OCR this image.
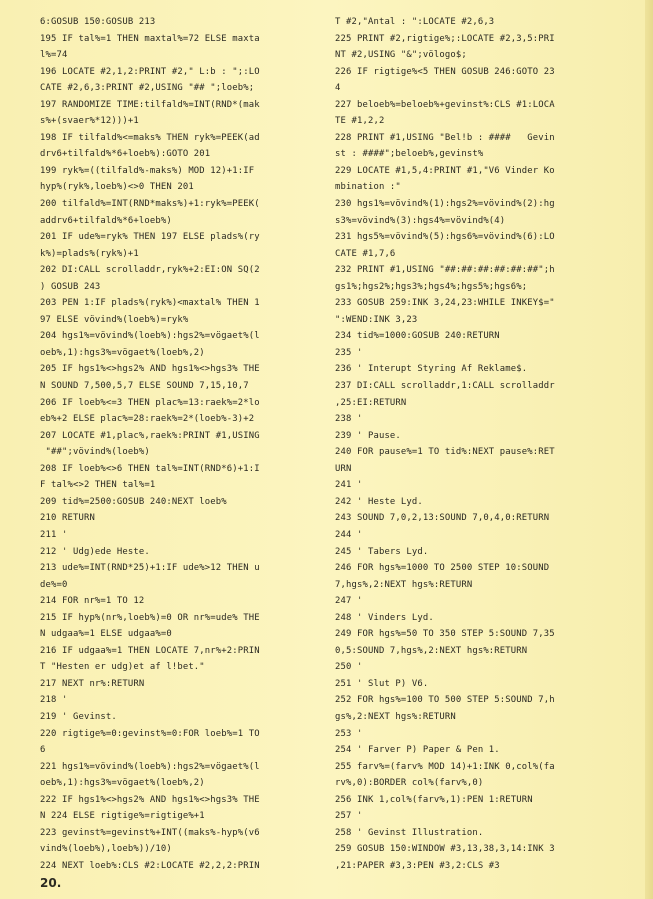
6:GOSUB 150:GOSUB 213
195 IF tal%=1 THEN maxtal%=72 ELSE maxta
l%=74
196 LOCATE #2,1,2:PRINT #2," L:b : ";:LO
CATE #2,6,3:PRINT #2,USING "## ";loeb%;
197 RANDOMIZE TIME:tilfald%=INT(RND*(mak
s%+(svaer%*12)))+1
198 IF tilfald%<=maks% THEN ryk%=PEEK(ad
drv6+tilfald%*6+loeb%):GOTO 201
199 ryk%=((tilfald%-maks%) MOD 12)+1:IF
hyp%(ryk%,loeb%)<>0 THEN 201
200 tilfald%=INT(RND*maks%)+1:ryk%=PEEK(
addrv6+tilfald%*6+loeb%)
201 IF ude%=ryk% THEN 197 ELSE plads%(ry
k%)=plads%(ryk%)+1
202 DI:CALL scrolladdr,ryk%+2:EI:ON SQ(2
) GOSUB 243
203 PEN 1:IF plads%(ryk%)<maxtal% THEN 1
97 ELSE vövind%(loeb%)=ryk%
204 hgs1%=vövind%(loeb%):hgs2%=vögaet%(l
oeb%,1):hgs3%=vögaet%(loeb%,2)
205 IF hgs1%<>hgs2% AND hgs1%<>hgs3% THE
N SOUND 7,500,5,7 ELSE SOUND 7,15,10,7
206 IF loeb%<=3 THEN plac%=13:raek%=2*lo
eb%+2 ELSE plac%=28:raek%=2*(loeb%-3)+2
207 LOCATE #1,plac%,raek%:PRINT #1,USING
"##";vövind%(loeb%)
208 IF loeb%<>6 THEN tal%=INT(RND*6)+1:I
F tal%<>2 THEN tal%=1
209 tid%=2500:GOSUB 240:NEXT loeb%
210 RETURN
211 '
212 ' Udg)ede Heste.
213 ude%=INT(RND*25)+1:IF ude%>12 THEN u
de%=0
214 FOR nr%=1 TO 12
215 IF hyp%(nr%,loeb%)=0 OR nr%=ude% THE
N udgaa%=1 ELSE udgaa%=0
216 IF udgaa%=1 THEN LOCATE 7,nr%+2:PRIN
T "Hesten er udg)et af l!bet."
217 NEXT nr%:RETURN
218 '
219 ' Gevinst.
220 rigtige%=0:gevinst%=0:FOR loeb%=1 TO
6
221 hgs1%=vövind%(loeb%):hgs2%=vögaet%(l
oeb%,1):hgs3%=vögaet%(loeb%,2)
222 IF hgs1%<>hgs2% AND hgs1%<>hgs3% THE
N 224 ELSE rigtige%=rigtige%+1
223 gevinst%=gevinst%+INT((maks%-hyp%(v6
vind%(loeb%),loeb%))/10)
224 NEXT loeb%:CLS #2:LOCATE #2,2,2:PRIN
T #2,"Antal : ":LOCATE #2,6,3
225 PRINT #2,rigtige%;:LOCATE #2,3,5:PRI
NT #2,USING "&";völogo$;
226 IF rigtige%<5 THEN GOSUB 246:GOTO 23
4
227 beloeb%=beloeb%+gevinst%:CLS #1:LOCA
TE #1,2,2
228 PRINT #1,USING "Bel!b : ####   Gevin
st : ####";beloeb%,gevinst%
229 LOCATE #1,5,4:PRINT #1,"V6 Vinder Ko
mbination :"
230 hgs1%=vövind%(1):hgs2%=vövind%(2):hg
s3%=vövind%(3):hgs4%=vövind%(4)
231 hgs5%=vövind%(5):hgs6%=vövind%(6):LO
CATE #1,7,6
232 PRINT #1,USING "##:##:##:##:##:##";h
gs1%;hgs2%;hgs3%;hgs4%;hgs5%;hgs6%;
233 GOSUB 259:INK 3,24,23:WHILE INKEY$="
":WEND:INK 3,23
234 tid%=1000:GOSUB 240:RETURN
235 '
236 ' Interupt Styring Af Reklame$.
237 DI:CALL scrolladdr,1:CALL scrolladdr
,25:EI:RETURN
238 '
239 ' Pause.
240 FOR pause%=1 TO tid%:NEXT pause%:RET
URN
241 '
242 ' Heste Lyd.
243 SOUND 7,0,2,13:SOUND 7,0,4,0:RETURN
244 '
245 ' Tabers Lyd.
246 FOR hgs%=1000 TO 2500 STEP 10:SOUND
7,hgs%,2:NEXT hgs%:RETURN
247 '
248 ' Vinders Lyd.
249 FOR hgs%=50 TO 350 STEP 5:SOUND 7,35
0,5:SOUND 7,hgs%,2:NEXT hgs%:RETURN
250 '
251 ' Slut P) V6.
252 FOR hgs%=100 TO 500 STEP 5:SOUND 7,h
gs%,2:NEXT hgs%:RETURN
253 '
254 ' Farver P) Paper & Pen 1.
255 farv%=(farv% MOD 14)+1:INK 0,col%(fa
rv%,0):BORDER col%(farv%,0)
256 INK 1,col%(farv%,1):PEN 1:RETURN
257 '
258 ' Gevinst Illustration.
259 GOSUB 150:WINDOW #3,13,38,3,14:INK 3
,21:PAPER #3,3:PEN #3,2:CLS #3
20.
